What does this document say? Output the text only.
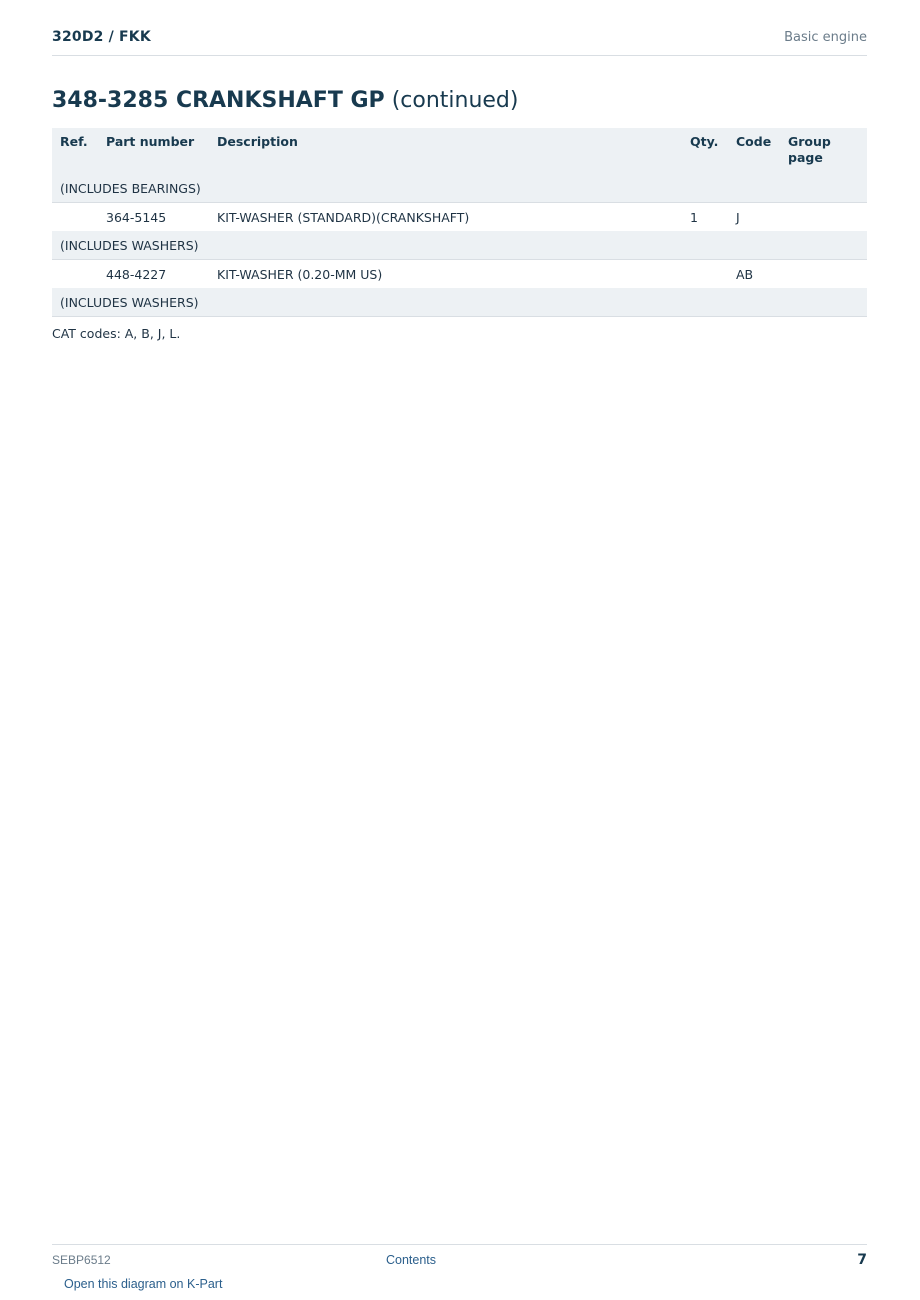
320D2 / FKK	Basic engine
348-3285 CRANKSHAFT GP (continued)
Ref.	Part number	Description	Qty.	Code	Group page

(INCLUDES BEARINGS)					
	364-5145	KIT-WASHER (STANDARD)(CRANKSHAFT)	1	J	
(INCLUDES WASHERS)					
	448-4227	KIT-WASHER (0.20-MM US)		AB	
(INCLUDES WASHERS)					
CAT codes: A, B, J, L.
SEBP6512	Contents	7
Open this diagram on K-Part
